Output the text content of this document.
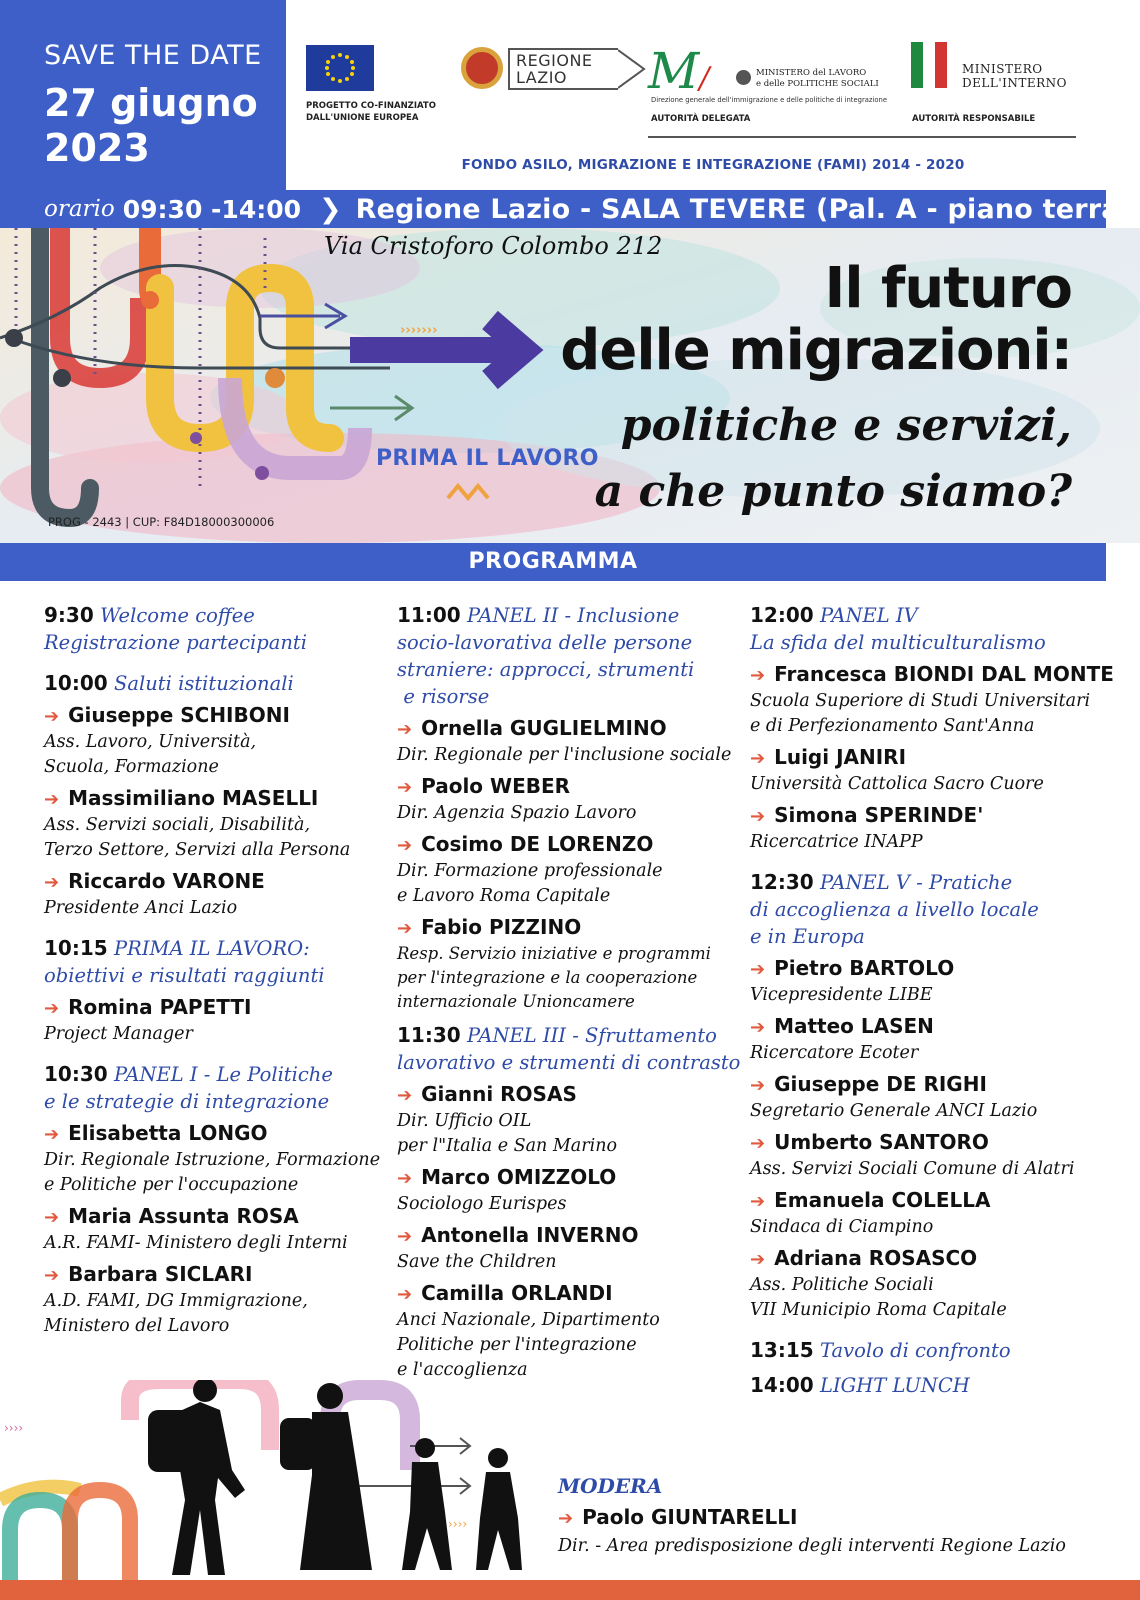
SAVE THE DATE
27 giugno
2023
PROGETTO CO-FINANZIATO
DALL'UNIONE EUROPEA
REGIONE
LAZIO	M/	MINISTERO del LAVORO
e delle POLITICHE SOCIALI
Direzione generale dell'immigrazione e delle politiche di integrazione
AUTORITÀ DELEGATA
MINISTERO
DELL'INTERNO
AUTORITÀ RESPONSABILE
FONDO ASILO, MIGRAZIONE E INTEGRAZIONE (FAMI) 2014 - 2020
orario 09:30 -14:00 ❯ Regione Lazio - SALA TEVERE (Pal. A - piano terra)
›››››››
Via Cristoforo Colombo 212
Il futuro
delle migrazioni:
politiche e servizi,
a che punto siamo?
PRIMA IL LAVORO
PROG - 2443 | CUP: F84D18000300006
PROGRAMMA
9:30 Welcome coffee
Registrazione partecipanti
10:00 Saluti istituzionali
➔ Giuseppe SCHIBONI
Ass. Lavoro, Università,
Scuola, Formazione
➔ Massimiliano MASELLI
Ass. Servizi sociali, Disabilità,
Terzo Settore, Servizi alla Persona
➔ Riccardo VARONE
Presidente Anci Lazio
10:15 PRIMA IL LAVORO:
obiettivi e risultati raggiunti
➔ Romina PAPETTI
Project Manager
10:30 PANEL I - Le Politiche
e le strategie di integrazione
➔ Elisabetta LONGO
Dir. Regionale Istruzione, Formazione
e Politiche per l'occupazione
➔ Maria Assunta ROSA
A.R. FAMI- Ministero degli Interni
➔ Barbara SICLARI
A.D. FAMI, DG Immigrazione,
Ministero del Lavoro
11:00 PANEL II - Inclusione
socio-lavorativa delle persone
straniere: approcci, strumenti
e risorse
➔ Ornella GUGLIELMINO
Dir. Regionale per l'inclusione sociale
➔ Paolo WEBER
Dir. Agenzia Spazio Lavoro
➔ Cosimo DE LORENZO
Dir. Formazione professionale
e Lavoro Roma Capitale
➔ Fabio PIZZINO
Resp. Servizio iniziative e programmi
per l'integrazione e la cooperazione
internazionale Unioncamere
11:30 PANEL III - Sfruttamento
lavorativo e strumenti di contrasto
➔ Gianni ROSAS
Dir. Ufficio OIL
per l"Italia e San Marino
➔ Marco OMIZZOLO
Sociologo Eurispes
➔ Antonella INVERNO
Save the Children
➔ Camilla ORLANDI
Anci Nazionale, Dipartimento
Politiche per l'integrazione
e l'accoglienza
12:00 PANEL IV
La sfida del multiculturalismo
➔ Francesca BIONDI DAL MONTE
Scuola Superiore di Studi Universitari
e di Perfezionamento Sant'Anna
➔ Luigi JANIRI
Università Cattolica Sacro Cuore
➔ Simona SPERINDE'
Ricercatrice INAPP
12:30 PANEL V - Pratiche
di accoglienza a livello locale
e in Europa
➔ Pietro BARTOLO
Vicepresidente LIBE
➔ Matteo LASEN
Ricercatore Ecoter
➔ Giuseppe DE RIGHI
Segretario Generale ANCI Lazio
➔ Umberto SANTORO
Ass. Servizi Sociali Comune di Alatri
➔ Emanuela COLELLA
Sindaca di Ciampino
➔ Adriana ROSASCO
Ass. Politiche Sociali
VII Municipio Roma Capitale
13:15 Tavolo di confronto
14:00 LIGHT LUNCH
MODERA
➔ Paolo GIUNTARELLI
Dir. - Area predisposizione degli interventi Regione Lazio
››››
››››
